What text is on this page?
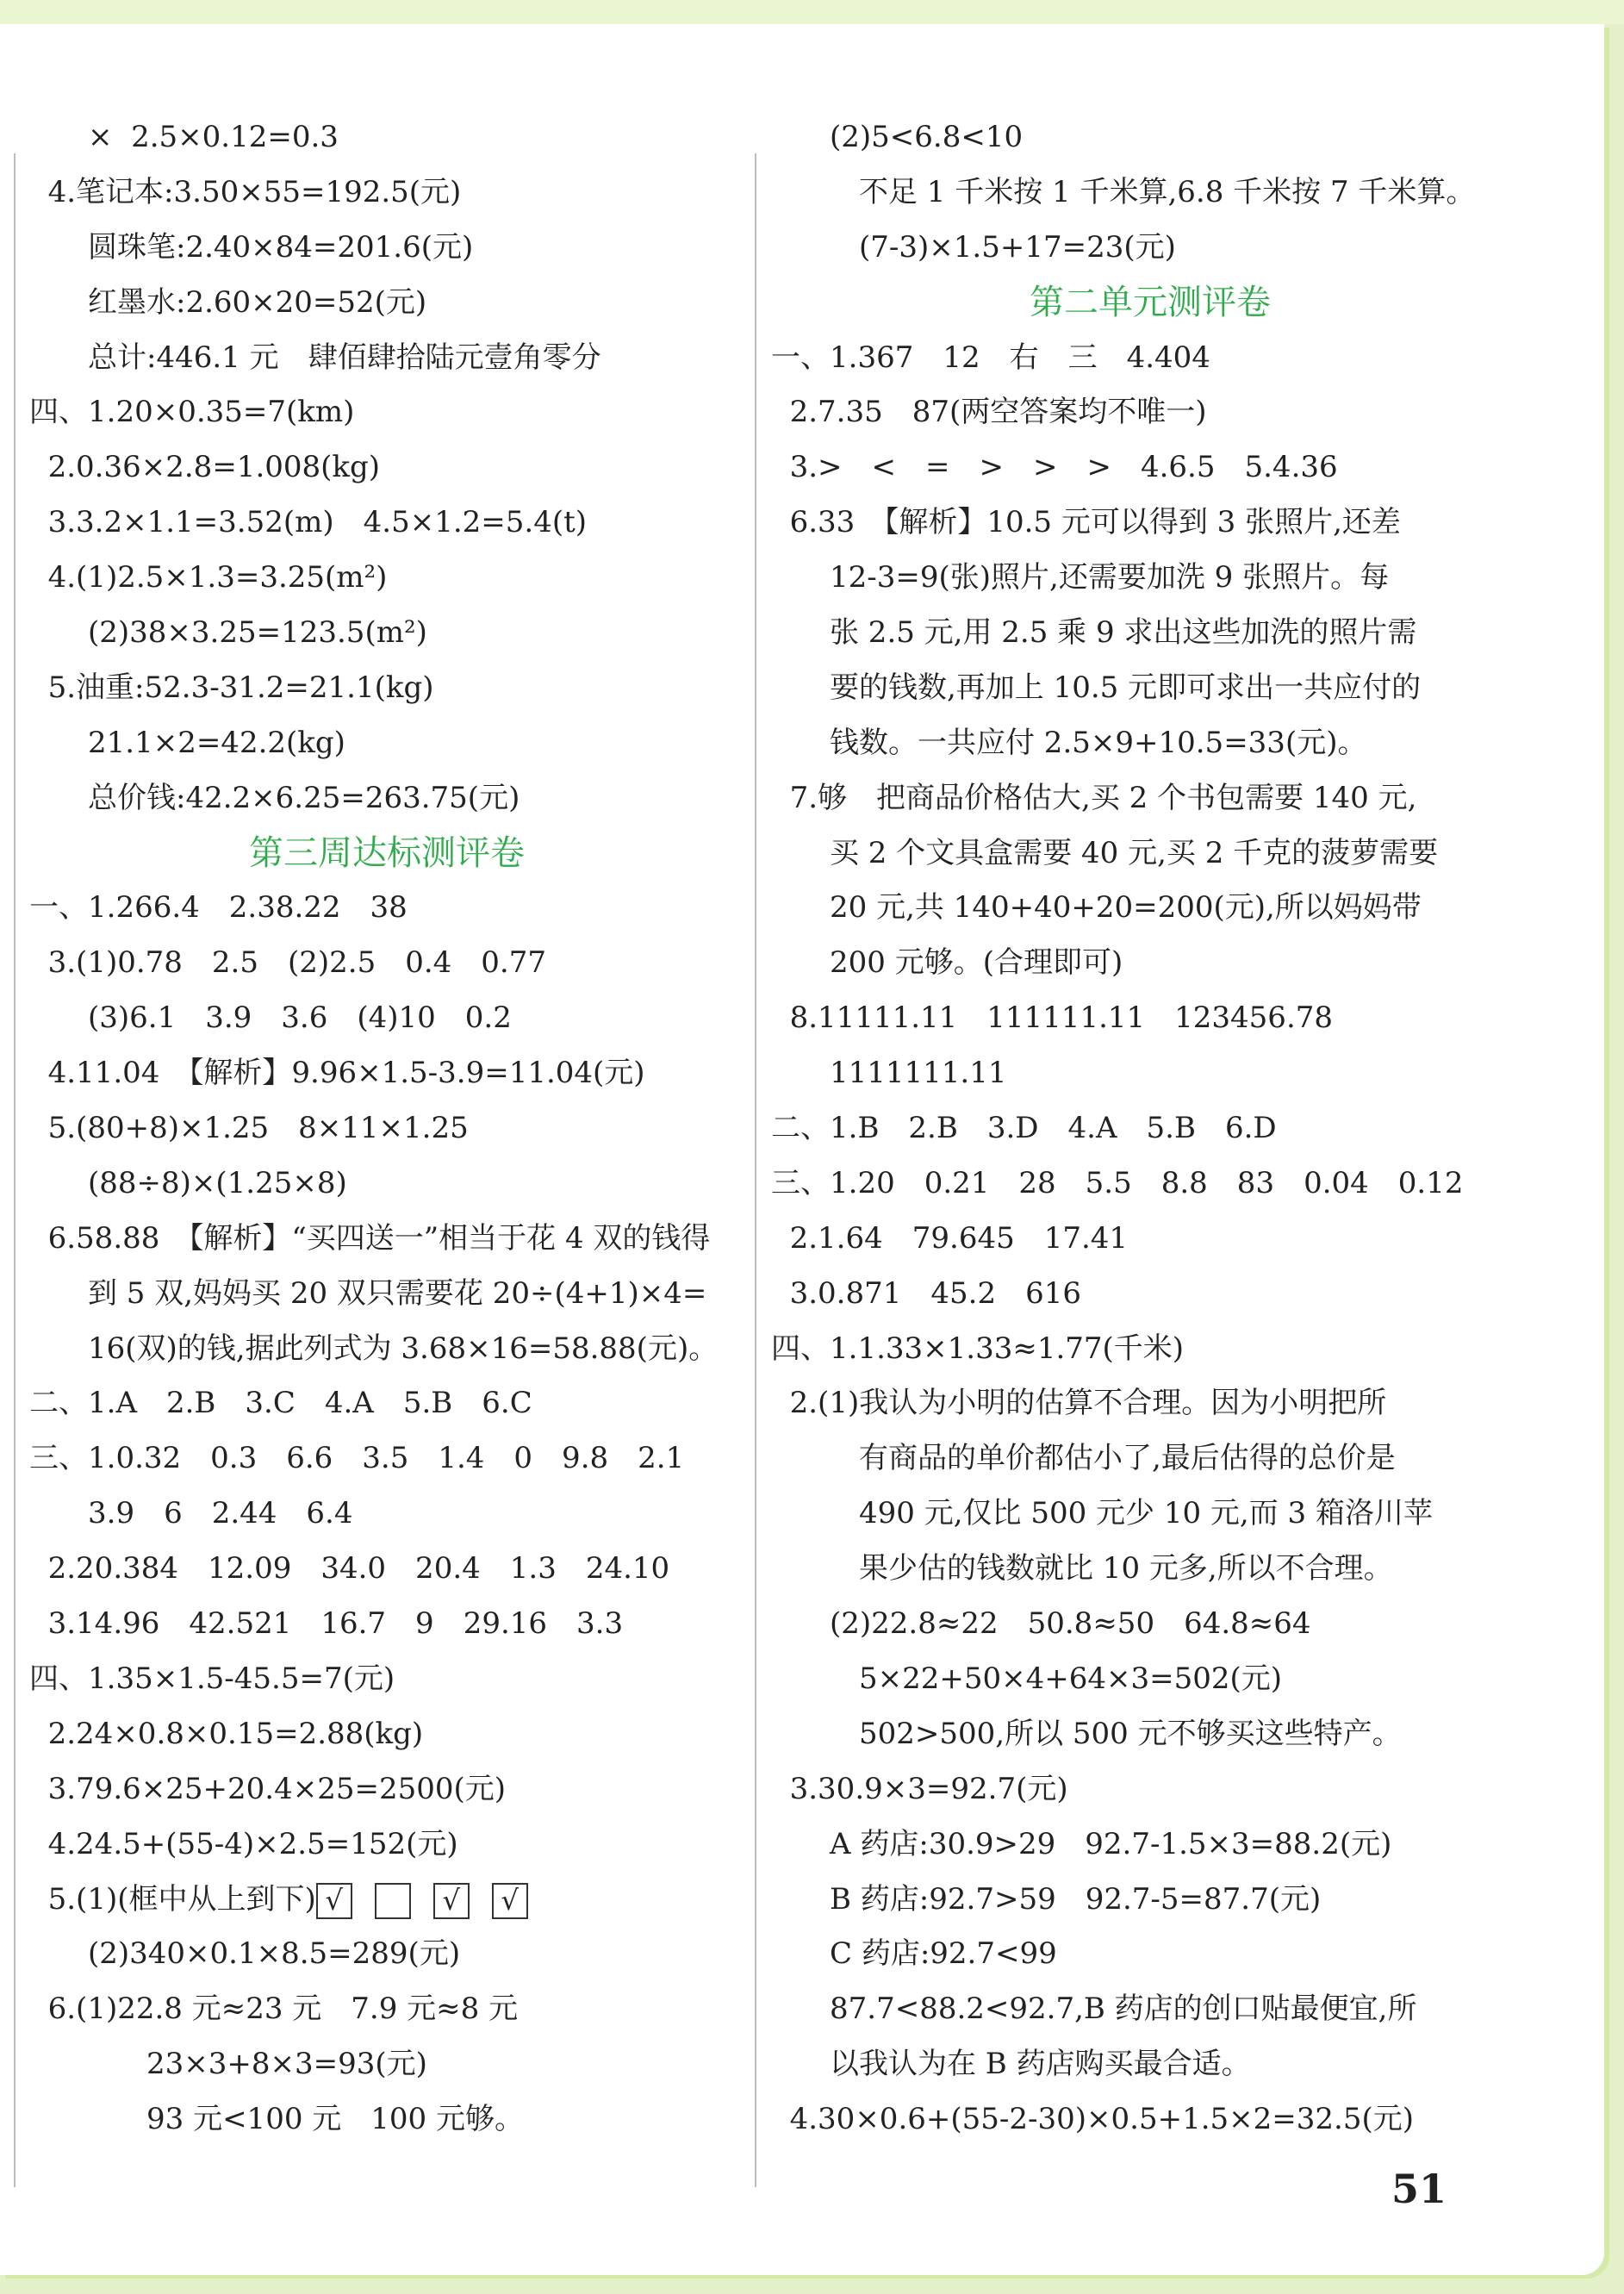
　　×  2.5×0.12=0.3
4.笔记本:3.50×55=192.5(元)
　　圆珠笔:2.40×84=201.6(元)
　　红墨水:2.60×20=52(元)
　　总计:446.1 元　肆佰肆拾陆元壹角零分
四、1.20×0.35=7(km)
2.0.36×2.8=1.008(kg)
3.3.2×1.1=3.52(m)　4.5×1.2=5.4(t)
4.(1)2.5×1.3=3.25(m²)
　　(2)38×3.25=123.5(m²)
5.油重:52.3-31.2=21.1(kg)
　　21.1×2=42.2(kg)
　　总价钱:42.2×6.25=263.75(元)
第三周达标测评卷
一、1.266.4　2.38.22　38
3.(1)0.78　2.5　(2)2.5　0.4　0.77
　　(3)6.1　3.9　3.6　(4)10　0.2
4.11.04　【解析】9.96×1.5-3.9=11.04(元)
5.(80+8)×1.25　8×11×1.25
　　(88÷8)×(1.25×8)
6.58.88　【解析】“买四送一”相当于花 4 双的钱得
　　到 5 双,妈妈买 20 双只需要花 20÷(4+1)×4=
　　16(双)的钱,据此列式为 3.68×16=58.88(元)。
二、1.A　2.B　3.C　4.A　5.B　6.C
三、1.0.32　0.3　6.6　3.5　1.4　0　9.8　2.1
　　3.9　6　2.44　6.4
2.20.384　12.09　34.0　20.4　1.3　24.10
3.14.96　42.521　16.7　9　29.16　3.3
四、1.35×1.5-45.5=7(元)
2.24×0.8×0.15=2.88(kg)
3.79.6×25+20.4×25=2500(元)
4.24.5+(55-4)×2.5=152(元)
5.(1)(框中从上到下) √	√ √
　　(2)340×0.1×8.5=289(元)
6.(1)22.8 元≈23 元　7.9 元≈8 元
　　　　23×3+8×3=93(元)
　　　　93 元<100 元　100 元够。
　　(2)5<6.8<10
　　　不足 1 千米按 1 千米算,6.8 千米按 7 千米算。
　　　(7-3)×1.5+17=23(元)
第二单元测评卷
一、1.367　12　右　三　4.404
2.7.35　87(两空答案均不唯一)
3.>　<　=　>　>　>　4.6.5　5.4.36
6.33　【解析】10.5 元可以得到 3 张照片,还差
　　12-3=9(张)照片,还需要加洗 9 张照片。每
　　张 2.5 元,用 2.5 乘 9 求出这些加洗的照片需
　　要的钱数,再加上 10.5 元即可求出一共应付的
　　钱数。一共应付 2.5×9+10.5=33(元)。
7.够　把商品价格估大,买 2 个书包需要 140 元,
　　买 2 个文具盒需要 40 元,买 2 千克的菠萝需要
　　20 元,共 140+40+20=200(元),所以妈妈带
　　200 元够。(合理即可)
8.11111.11　111111.11　123456.78
　　1111111.11
二、1.B　2.B　3.D　4.A　5.B　6.D
三、1.20　0.21　28　5.5　8.8　83　0.04　0.12
2.1.64　79.645　17.41
3.0.871　45.2　616
四、1.1.33×1.33≈1.77(千米)
2.(1)我认为小明的估算不合理。因为小明把所
　　　有商品的单价都估小了,最后估得的总价是
　　　490 元,仅比 500 元少 10 元,而 3 箱洛川苹
　　　果少估的钱数就比 10 元多,所以不合理。
　　(2)22.8≈22　50.8≈50　64.8≈64
　　　5×22+50×4+64×3=502(元)
　　　502>500,所以 500 元不够买这些特产。
3.30.9×3=92.7(元)
　　A 药店:30.9>29　92.7-1.5×3=88.2(元)
　　B 药店:92.7>59　92.7-5=87.7(元)
　　C 药店:92.7<99
　　87.7<88.2<92.7,B 药店的创口贴最便宜,所
　　以我认为在 B 药店购买最合适。
4.30×0.6+(55-2-30)×0.5+1.5×2=32.5(元)
51
